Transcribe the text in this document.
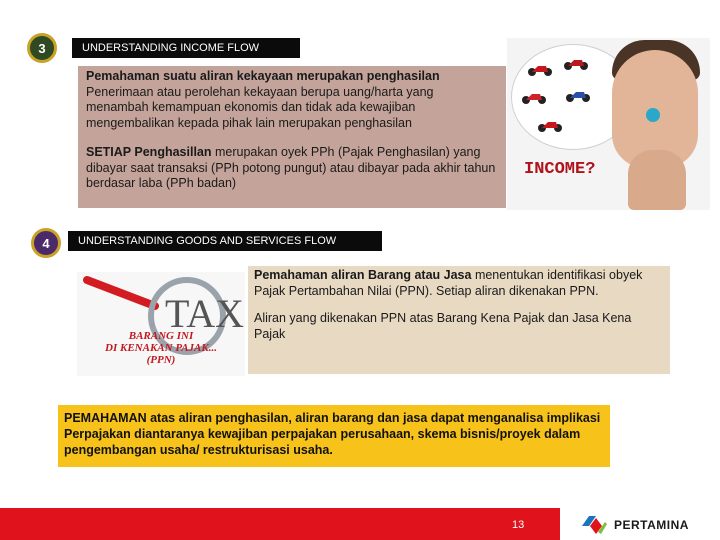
3	UNDERSTANDING INCOME FLOW

Pemahaman suatu aliran kekayaan merupakan penghasilan

Penerimaan atau perolehan kekayaan berupa uang/harta yang menambah kemampuan ekonomis dan tidak ada kewajiban mengembalikan kepada pihak lain merupakan penghasilan

SETIAP Penghasillan merupakan oyek PPh (Pajak Penghasilan) yang dibayar saat transaksi (PPh potong pungut) atau dibayar pada akhir tahun berdasar laba (PPh badan)

INCOME?
4	UNDERSTANDING GOODS AND SERVICES FLOW
TAX
BARANG INI
DI KENAKAN PAJAK...
(PPN)

Pemahaman aliran Barang atau Jasa menentukan identifikasi obyek Pajak Pertambahan Nilai (PPN). Setiap aliran dikenakan PPN.

Aliran yang dikenakan PPN atas Barang Kena Pajak dan Jasa Kena Pajak

PEMAHAMAN atas aliran penghasilan, aliran barang dan jasa dapat menganalisa implikasi Perpajakan diantaranya kewajiban perpajakan perusahaan, skema bisnis/proyek dalam pengembangan usaha/ restrukturisasi usaha.
13	PERTAMINA
